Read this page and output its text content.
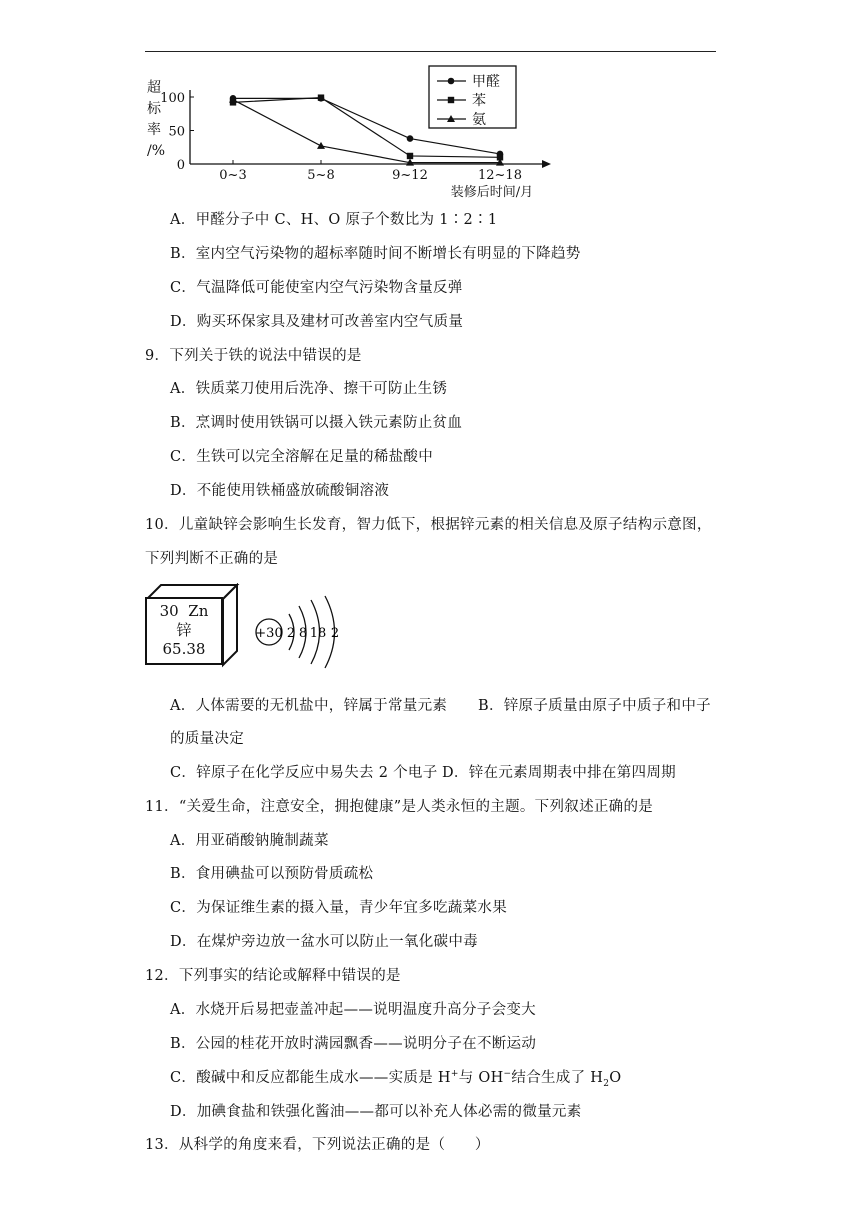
超
标
率
/%
100
50
0
0~3	5~8	9~12	12~18
装修后时间/月
甲醛
苯
氨
A．甲醛分子中 C、H、O 原子个数比为 1∶2∶1
B．室内空气污染物的超标率随时间不断增长有明显的下降趋势
C．气温降低可能使室内空气污染物含量反弹
D．购买环保家具及建材可改善室内空气质量
9．下列关于铁的说法中错误的是
A．铁质菜刀使用后洗净、擦干可防止生锈
B．烹调时使用铁锅可以摄入铁元素防止贫血
C．生铁可以完全溶解在足量的稀盐酸中
D．不能使用铁桶盛放硫酸铜溶液
10．儿童缺锌会影响生长发育，智力低下，根据锌元素的相关信息及原子结构示意图，
下列判断不正确的是
30 Zn
锌
65.38
+30 2 8 18 2
A．人体需要的无机盐中，锌属于常量元素 B．锌原子质量由原子中质子和中子
的质量决定
C．锌原子在化学反应中易失去 2 个电子 D．锌在元素周期表中排在第四周期
11．“关爱生命，注意安全，拥抱健康”是人类永恒的主题。下列叙述正确的是
A．用亚硝酸钠腌制蔬菜
B．食用碘盐可以预防骨质疏松
C．为保证维生素的摄入量，青少年宜多吃蔬菜水果
D．在煤炉旁边放一盆水可以防止一氧化碳中毒
12．下列事实的结论或解释中错误的是
A．水烧开后易把壶盖冲起——说明温度升高分子会变大
B．公园的桂花开放时满园飘香——说明分子在不断运动
C．酸碱中和反应都能生成水——实质是 H+与 OH−结合生成了 $H_2O$
D．加碘食盐和铁强化酱油——都可以补充人体必需的微量元素
13．从科学的角度来看，下列说法正确的是（　　）
